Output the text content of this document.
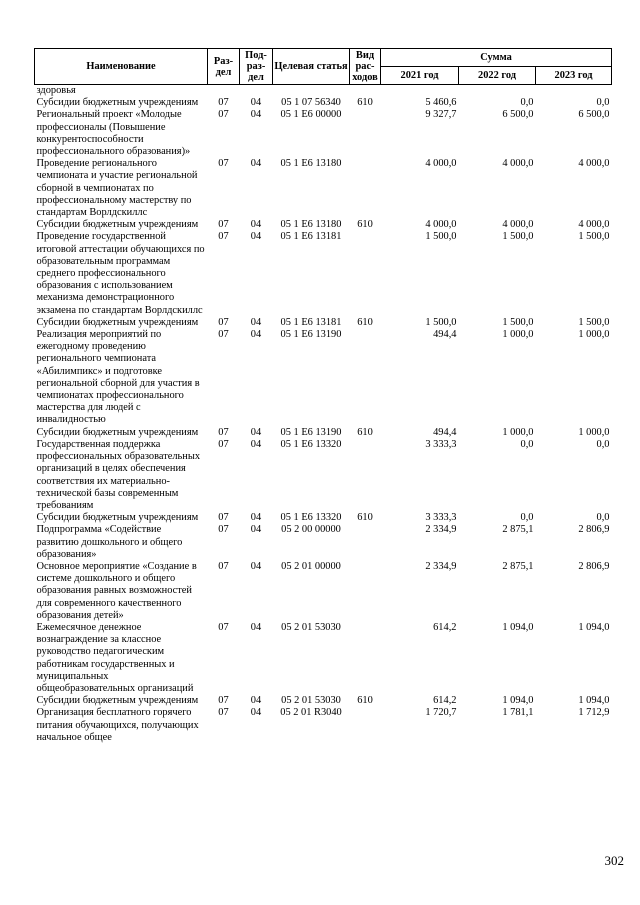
Наименование	Раз-дел	Под-раз-дел	Целевая статья	Вид рас-ходов	Сумма		
					2021 год	2022 год	2023 год
здоровья							
Субсидии бюджетным учреждениям	07	04	05 1 07 56340	610	5 460,6	0,0	0,0
Региональный проект «Молодые профессионалы (Повышение конкурентоспособности профессионального образования)»	07	04	05 1 E6 00000		9 327,7	6 500,0	6 500,0
Проведение регионального чемпионата и участие региональной сборной в чемпионатах по профессиональному мастерству по стандартам Ворлдскиллс	07	04	05 1 E6 13180		4 000,0	4 000,0	4 000,0
Субсидии бюджетным учреждениям	07	04	05 1 E6 13180	610	4 000,0	4 000,0	4 000,0
Проведение государственной итоговой аттестации обучающихся по образовательным программам среднего профессионального образования с использованием механизма демонстрационного экзамена по стандартам Ворлдскиллс	07	04	05 1 E6 13181		1 500,0	1 500,0	1 500,0
Субсидии бюджетным учреждениям	07	04	05 1 E6 13181	610	1 500,0	1 500,0	1 500,0
Реализация мероприятий по ежегодному проведению регионального чемпионата «Абилимпикс» и подготовке региональной сборной для участия в чемпионатах профессионального мастерства для людей с инвалидностью	07	04	05 1 E6 13190		494,4	1 000,0	1 000,0
Субсидии бюджетным учреждениям	07	04	05 1 E6 13190	610	494,4	1 000,0	1 000,0
Государственная поддержка профессиональных образовательных организаций в целях обеспечения соответствия их материально-технической базы современным требованиям	07	04	05 1 E6 13320		3 333,3	0,0	0,0
Субсидии бюджетным учреждениям	07	04	05 1 E6 13320	610	3 333,3	0,0	0,0
Подпрограмма «Содействие развитию дошкольного и общего образования»	07	04	05 2 00 00000		2 334,9	2 875,1	2 806,9
Основное мероприятие «Создание в системе дошкольного и общего образования равных возможностей для современного качественного образования детей»	07	04	05 2 01 00000		2 334,9	2 875,1	2 806,9
Ежемесячное денежное вознаграждение за классное руководство педагогическим работникам государственных и муниципальных общеобразовательных организаций	07	04	05 2 01 53030		614,2	1 094,0	1 094,0
Субсидии бюджетным учреждениям	07	04	05 2 01 53030	610	614,2	1 094,0	1 094,0
Организация бесплатного горячего питания обучающихся, получающих начальное общее	07	04	05 2 01 R3040		1 720,7	1 781,1	1 712,9
302
